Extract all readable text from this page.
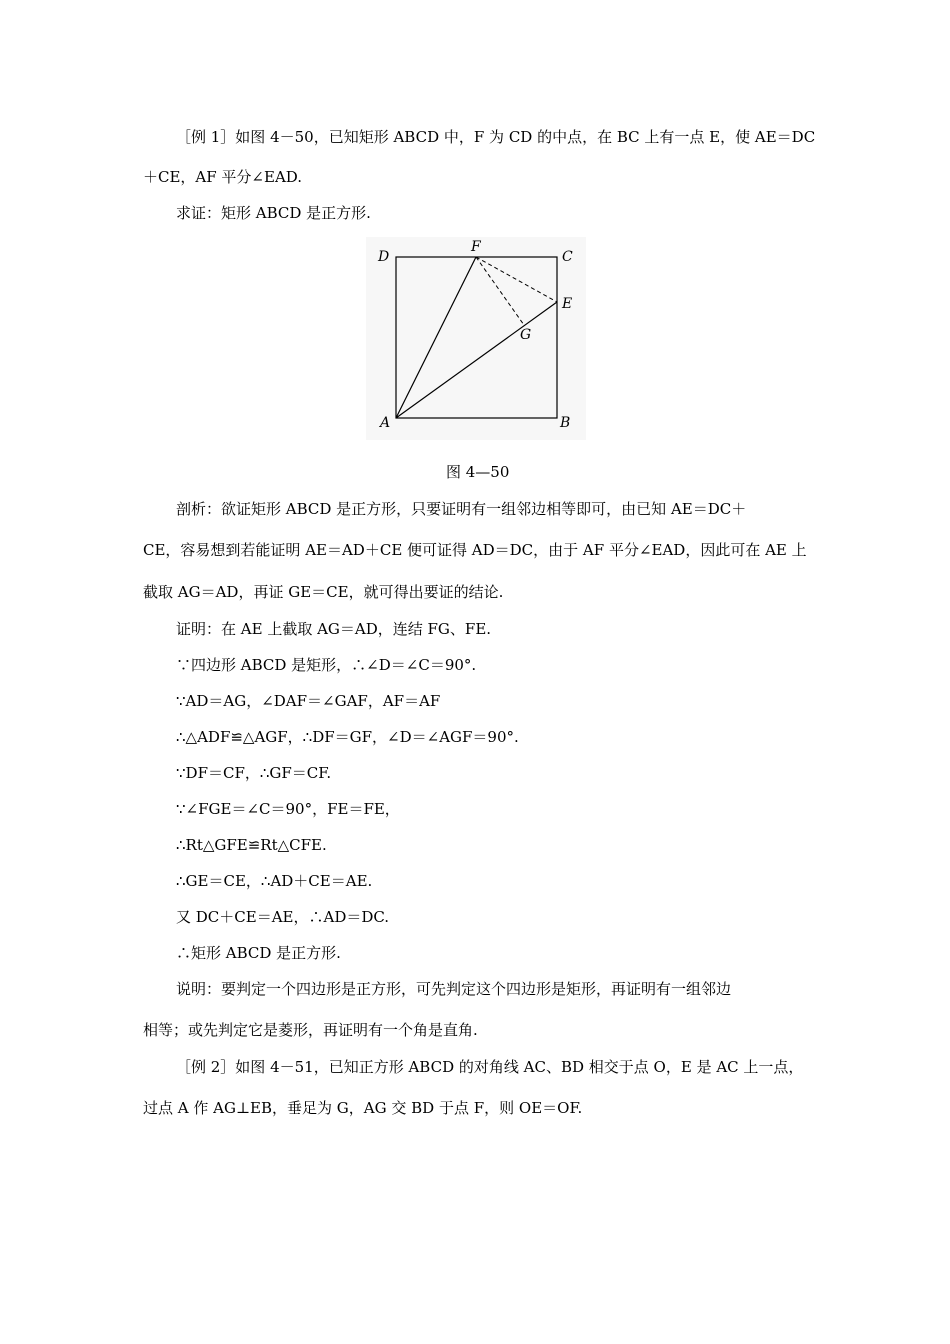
［例 1］如图 4－50，已知矩形 ABCD 中，F 为 CD 的中点，在 BC 上有一点 E，使 AE＝DC
＋CE，AF 平分∠EAD.
求证：矩形 ABCD 是正方形.
D
F
C
E
G
A	B
图 4—50
剖析：欲证矩形 ABCD 是正方形，只要证明有一组邻边相等即可，由已知 AE＝DC＋
CE，容易想到若能证明 AE＝AD＋CE 便可证得 AD＝DC，由于 AF 平分∠EAD，因此可在 AE 上
截取 AG＝AD，再证 GE＝CE，就可得出要证的结论.
证明：在 AE 上截取 AG＝AD，连结 FG、FE.
∵四边形 ABCD 是矩形，∴∠D＝∠C＝90°.
∵AD＝AG，∠DAF＝∠GAF，AF＝AF
∴△ADF≌△AGF，∴DF＝GF，∠D＝∠AGF＝90°.
∵DF＝CF，∴GF＝CF.
∵∠FGE＝∠C＝90°，FE＝FE，
∴Rt△GFE≌Rt△CFE.
∴GE＝CE，∴AD＋CE＝AE.
又 DC＋CE＝AE，∴AD＝DC.
∴矩形 ABCD 是正方形.
说明：要判定一个四边形是正方形，可先判定这个四边形是矩形，再证明有一组邻边
相等；或先判定它是菱形，再证明有一个角是直角.
［例 2］如图 4－51，已知正方形 ABCD 的对角线 AC、BD 相交于点 O，E 是 AC 上一点，
过点 A 作 AG⊥EB，垂足为 G，AG 交 BD 于点 F，则 OE＝OF.
